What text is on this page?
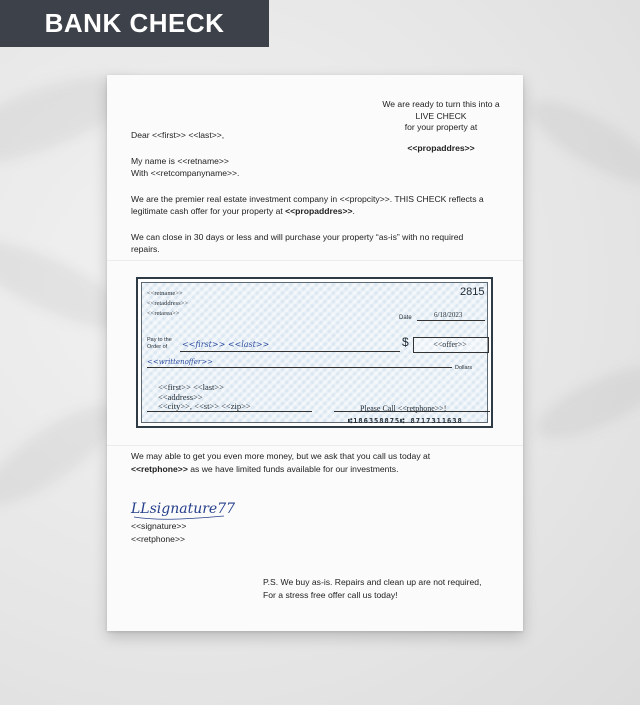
BANK CHECK
We are ready to turn this into a
LIVE CHECK
for your property at
<<propaddres>>
Dear <<first>> <<last>>,
My name is <<retname>>
With <<retcompanyname>>.
We are the premier real estate investment company in <<propcity>>. THIS CHECK reflects a
legitimate cash offer for your property at <<propaddres>>.
We can close in 30 days or less and will purchase your property “as-is” with no required
repairs.
<<retname>>
<<retaddress>>
<<retarea>>
2815
Date	6/18/2023
Pay to the
Order of	<<first>> <<last>>	$	<<offer>>
<<writtenoffer>>
Dollars
<<first>> <<last>>
<<address>>
<<city>>, <<st>> <<zip>>	Please Call <<retphone>>!
⑆186358875⑆ 8717311638
We may able to get you even more money, but we ask that you call us today at
<<retphone>> as we have limited funds available for our investments.
LLsignature77
<<signature>>
<<retphone>>
P.S. We buy as-is. Repairs and clean up are not required,
For a stress free offer call us today!
